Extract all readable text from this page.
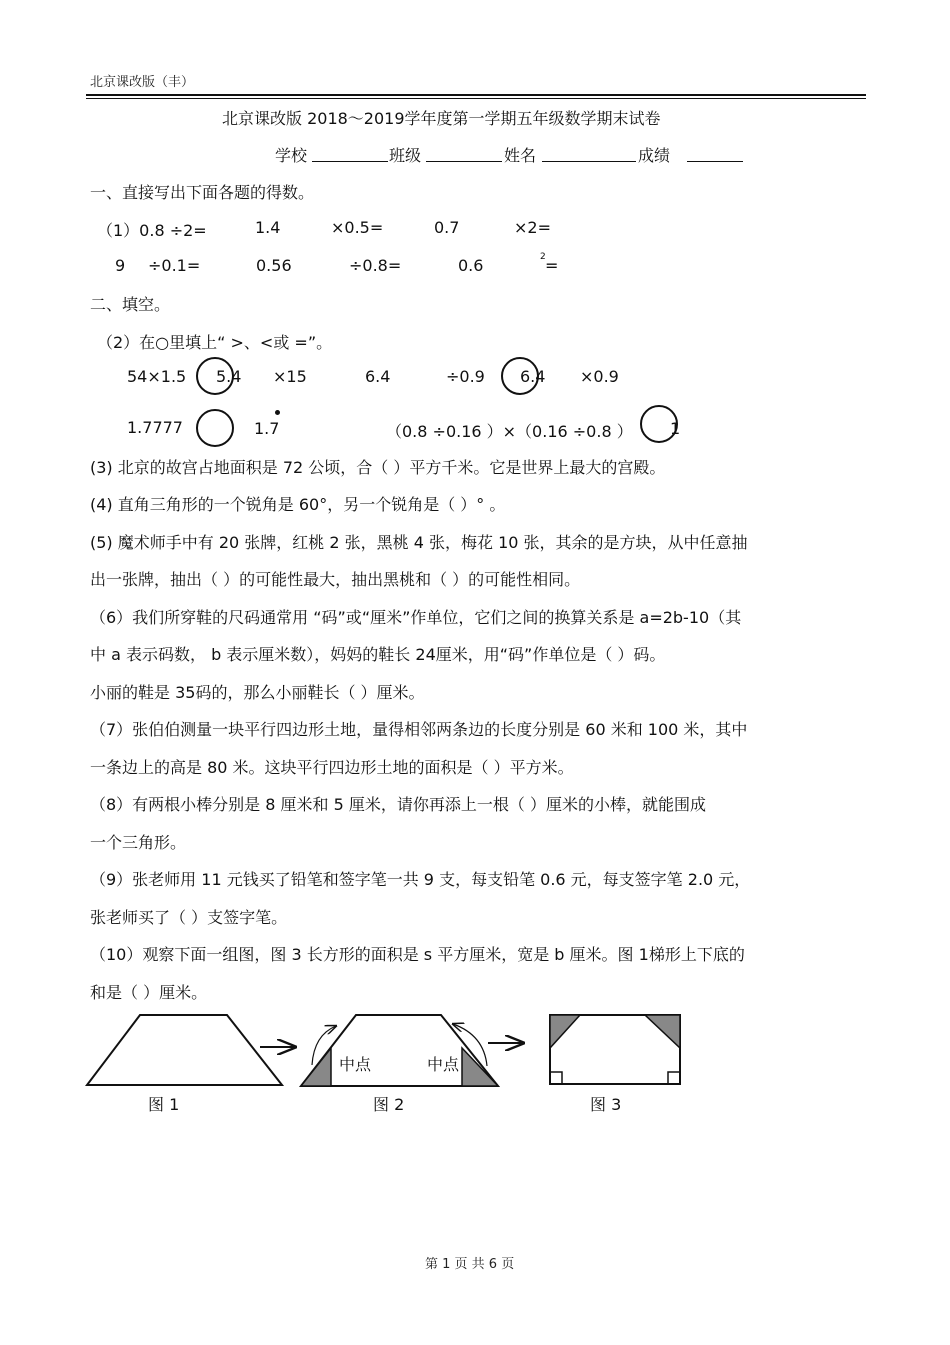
北京课改版（丰）
北京课改版 2018～2019学年度第一学期五年级数学期末试卷
学校	班级	姓名	成绩
一、直接写出下面各题的得数。
（1）0.8 ÷2=	1.4	×0.5=	0.7	×2=
9 ÷0.1=	0.56	÷0.8=	0.6	2 =
二、填空。
（2）在○里填上“ >、<或 =”。
54×1.5 5.4 ×15	6.4	÷0.9 6.4 ×0.9
1.7777	1.7	（0.8 ÷0.16 ）×（0.16 ÷0.8 ） 1
(3) 北京的故宫占地面积是 72 公顷，合（ ）平方千米。它是世界上最大的宫殿。
(4) 直角三角形的一个锐角是 60°，另一个锐角是（ ）° 。
(5) 魔术师手中有 20 张牌，红桃 2 张，黑桃 4 张，梅花 10 张，其余的是方块，从中任意抽
出一张牌，抽出（ ）的可能性最大，抽出黑桃和（ ）的可能性相同。
（6）我们所穿鞋的尺码通常用 “码”或“厘米”作单位，它们之间的换算关系是 a=2b-10（其
中 a 表示码数， b 表示厘米数），妈妈的鞋长 24厘米，用“码”作单位是（ ）码。
小丽的鞋是 35码的，那么小丽鞋长（ ）厘米。
（7）张伯伯测量一块平行四边形土地，量得相邻两条边的长度分别是 60 米和 100 米，其中
一条边上的高是 80 米。这块平行四边形土地的面积是（ ）平方米。
（8）有两根小棒分别是 8 厘米和 5 厘米，请你再添上一根（ ）厘米的小棒，就能围成
一个三角形。
（9）张老师用 11 元钱买了铅笔和签字笔一共 9 支，每支铅笔 0.6 元，每支签字笔 2.0 元，
张老师买了（ ）支签字笔。
（10）观察下面一组图，图 3 长方形的面积是 s 平方厘米，宽是 b 厘米。图 1梯形上下底的
和是（ ）厘米。
中点	中点
图 1	图 2	图 3
第 1 页 共 6 页
